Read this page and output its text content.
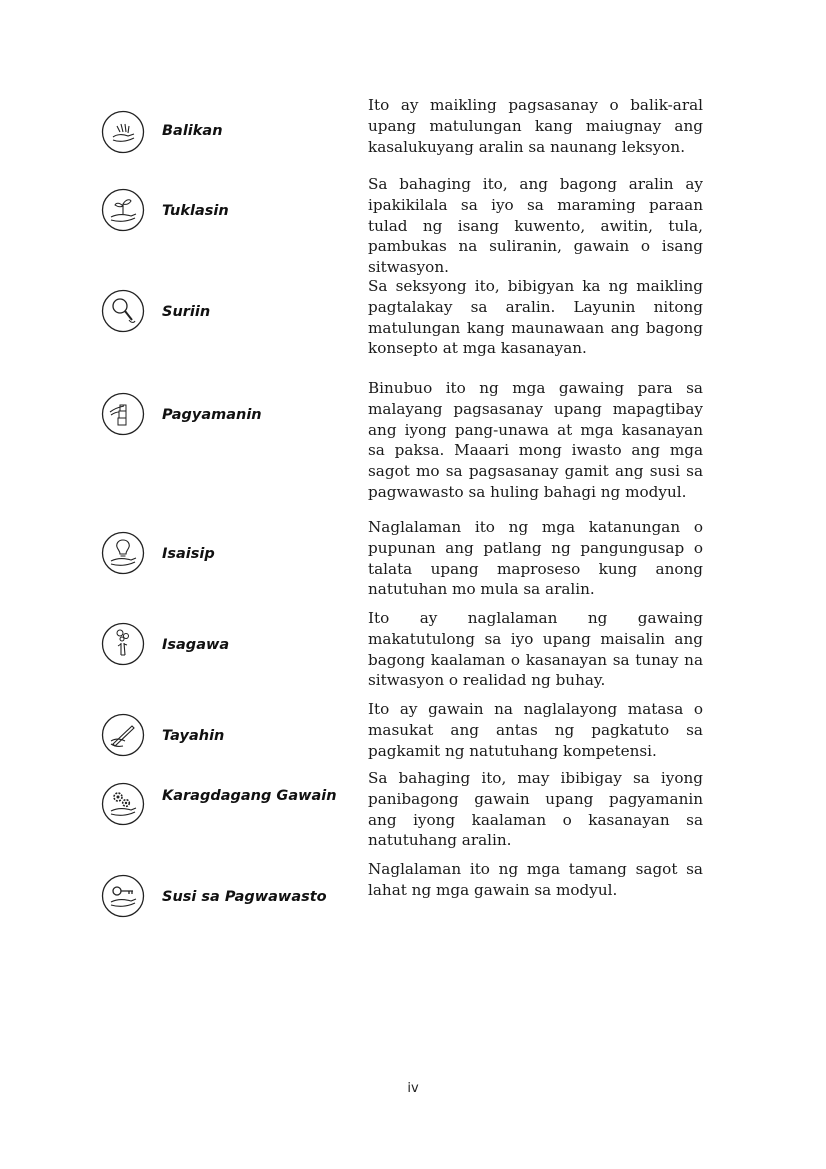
Balikan

Ito ay maikling pagsasanay o balik-aral upang matulungan kang maiugnay ang kasalukuyang aralin sa naunang leksyon.

Tuklasin

Sa bahaging ito, ang bagong aralin ay ipakikilala sa iyo sa maraming paraan tulad ng isang kuwento, awitin, tula, pambukas na suliranin, gawain o isang sitwasyon.

Suriin

Sa seksyong ito, bibigyan ka ng maikling pagtalakay sa aralin. Layunin nitong matulungan kang maunawaan ang bagong konsepto at mga kasanayan.

Pagyamanin

Binubuo ito ng mga gawaing para sa malayang pagsasanay upang mapagtibay ang iyong pang-unawa at mga kasanayan sa paksa. Maaari mong iwasto ang mga sagot mo sa pagsasanay gamit ang susi sa pagwawasto sa huling bahagi ng modyul.

Isaisip

Naglalaman ito ng mga katanungan o pupunan ang patlang ng pangungusap o talata upang maproseso kung anong natutuhan mo mula sa aralin.

Isagawa

Ito ay naglalaman ng gawaing makatutulong sa iyo upang maisalin ang bagong kaalaman o kasanayan sa tunay na sitwasyon o realidad ng buhay.

Tayahin

Ito ay gawain na naglalayong matasa o masukat ang antas ng pagkatuto sa pagkamit ng natutuhang kompetensi.

Karagdagang Gawain

Sa bahaging ito, may ibibigay sa iyong panibagong gawain upang pagyamanin ang iyong kaalaman o kasanayan sa natutuhang aralin.

Susi sa Pagwawasto

Naglalaman ito ng mga tamang sagot sa lahat ng mga gawain sa modyul.

iv
